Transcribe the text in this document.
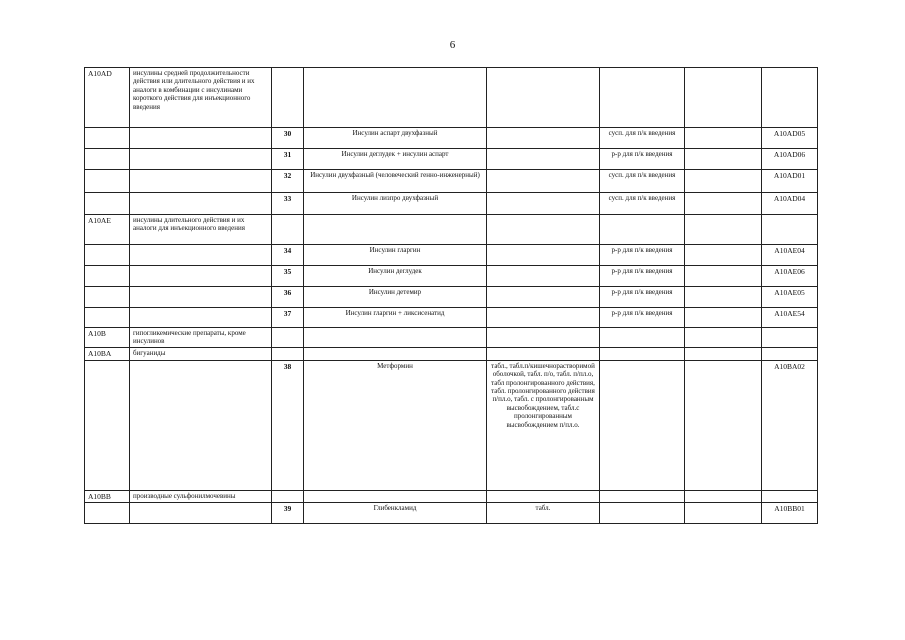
6
A10AD	инсулины средней продолжительности действия или длительного действия и их аналоги в комбинации с инсулинами короткого действия для инъекционного введения						
		30	Инсулин аспарт двухфазный		сусп. для п/к введения		A10AD05
		31	Инсулин деглудек + инсулин аспарт		р-р для п/к введения		A10AD06
		32	Инсулин двухфазный (человеческий генно-инженерный)		сусп. для п/к введения		A10AD01
		33	Инсулин лизпро двухфазный		сусп. для п/к введения		A10AD04
A10AE	инсулины длительного действия и их аналоги для инъекционного введения						
		34	Инсулин гларгин		р-р для п/к введения		A10AE04
		35	Инсулин деглудек		р-р для п/к введения		A10AE06
		36	Инсулин детемир		р-р для п/к введения		A10AE05
		37	Инсулин гларгин + ликсисенатид		р-р для п/к введения		A10AE54
A10B	гипогликемические препараты, кроме инсулинов						
A10BA	бигуаниды						
		38	Метформин	табл., табл.п/кишечнорастворимой оболочкой, табл. п/о, табл. п/пл.о, табл пролонгированного действия, табл. пролонгированного действия п/пл.о, табл. с пролонгированным высвобождением, табл.с пролонгированным высвобождением п/пл.о.			A10BA02
A10BB	производные сульфонилмочевины						
		39	Глибенкламид	табл.			A10BB01
